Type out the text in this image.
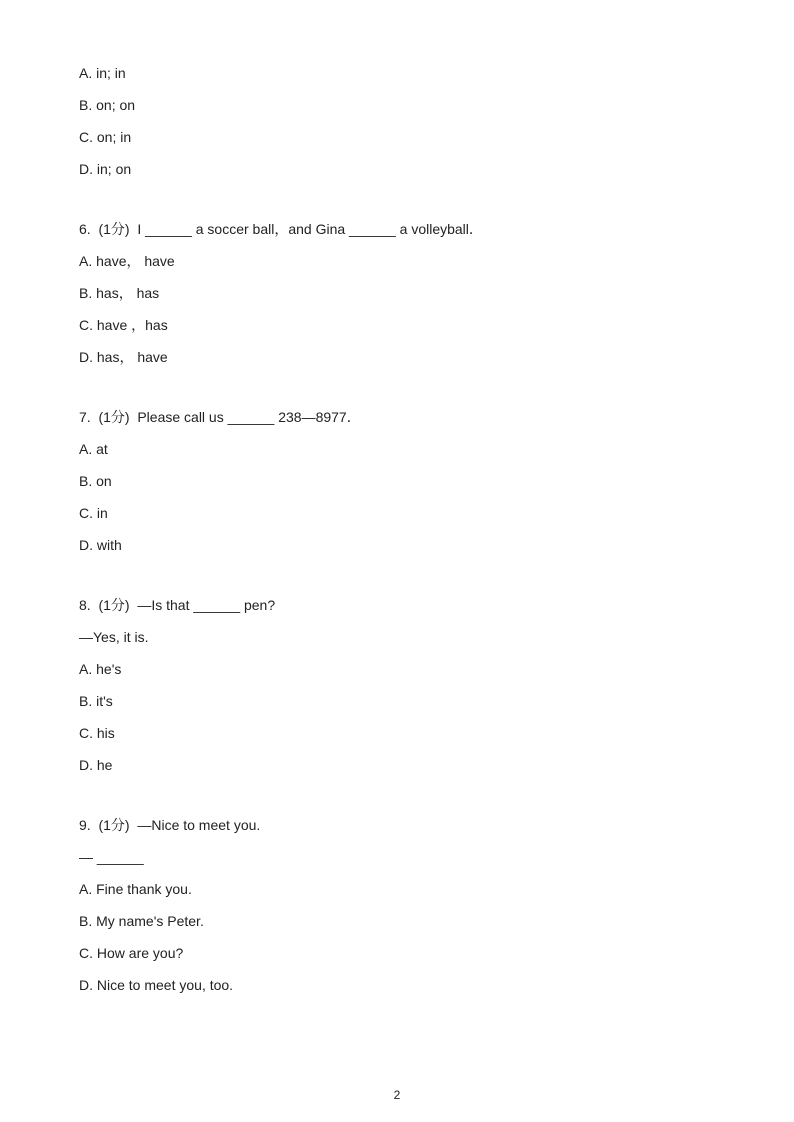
A. in; in
B. on; on
C. on; in
D. in; on
6.  (1分)  I ______ a soccer ball，and Gina ______ a volleyball．
A. have， have
B. has， has
C. have ，has
D. has， have
7.  (1分)  Please call us ______ 238—8977．
A. at
B. on
C. in
D. with
8.  (1分)  —Is that ______ pen?
—Yes, it is.
A. he's
B. it's
C. his
D. he
9.  (1分)  —Nice to meet you.
— ______
A. Fine thank you.
B. My name's Peter.
C. How are you?
D. Nice to meet you, too.
2
